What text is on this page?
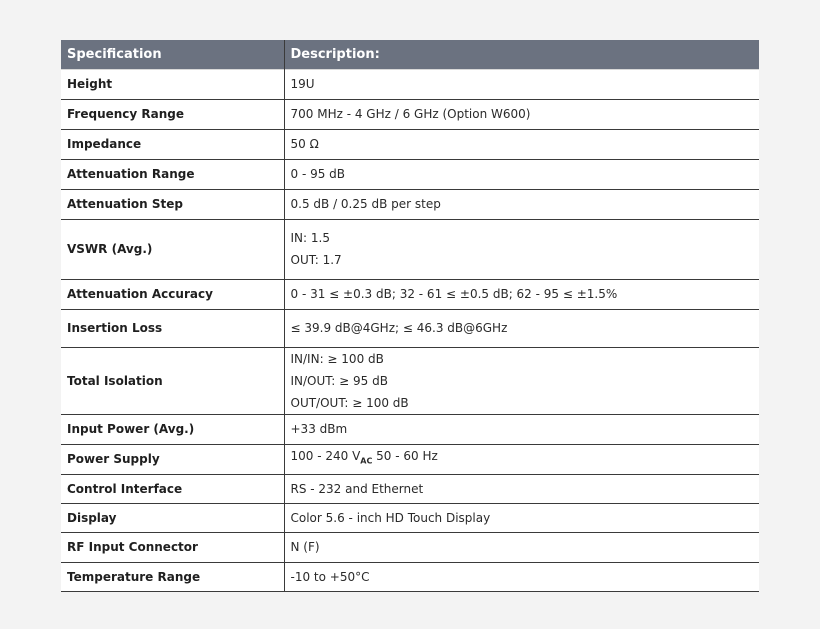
Specification	Description:
Height	19U

Frequency Range	700 MHz - 4 GHz / 6 GHz (Option W600)

Impedance	50 Ω

Attenuation Range	0 - 95 dB

Attenuation Step	0.5 dB / 0.25 dB per step

VSWR (Avg.)	IN: 1.5
OUT: 1.7

Attenuation Accuracy	0 - 31 ≤ ±0.3 dB; 32 - 61 ≤ ±0.5 dB; 62 - 95 ≤ ±1.5%

Insertion Loss	≤ 39.9 dB@4GHz; ≤ 46.3 dB@6GHz

Total Isolation	IN/IN: ≥ 100 dB
IN/OUT: ≥ 95 dB
OUT/OUT: ≥ 100 dB

Input Power (Avg.)	+33 dBm

Power Supply	100 - 240 $V_{AC}$ 50 - 60 Hz

Control Interface	RS - 232 and Ethernet

Display	Color 5.6 - inch HD Touch Display

RF Input Connector	N (F)

Temperature Range	-10 to +50°C
